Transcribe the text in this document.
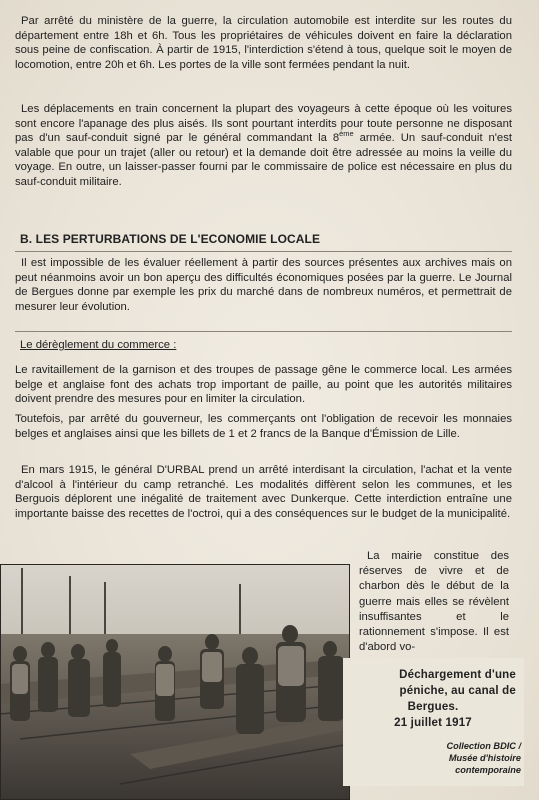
Par arrêté du ministère de la guerre, la circulation automobile est interdite sur les routes du département entre 18h et 6h. Tous les propriétaires de véhicules doivent en faire la déclaration sous peine de confiscation. À partir de 1915, l'interdiction s'étend à tous, quelque soit le moyen de locomotion, entre 20h et 6h. Les portes de la ville sont fermées pendant la nuit.

Les déplacements en train concernent la plupart des voyageurs à cette époque où les voitures sont encore l'apanage des plus aisés. Ils sont pourtant interdits pour toute personne ne disposant pas d'un sauf-conduit signé par le général commandant la 8ème armée. Un sauf-conduit n'est valable que pour un trajet (aller ou retour) et la demande doit être adressée au moins la veille du voyage. En outre, un laisser-passer fourni par le commissaire de police est nécessaire en plus du sauf-conduit militaire.

B. LES PERTURBATIONS DE L'ECONOMIE LOCALE

Il est impossible de les évaluer réellement à partir des sources présentes aux archives mais on peut néanmoins avoir un bon aperçu des difficultés économiques posées par la guerre. Le Journal de Bergues donne par exemple les prix du marché dans de nombreux numéros, et permettrait de mesurer leur évolution.

Le dérèglement du commerce :

Le ravitaillement de la garnison et des troupes de passage gêne le commerce local. Les armées belge et anglaise font des achats trop important de paille, au point que les autorités militaires doivent prendre des mesures pour en limiter la circulation.

Toutefois, par arrêté du gouverneur, les commerçants ont l'obligation de recevoir les monnaies belges et anglaises ainsi que les billets de 1 et 2 francs de la Banque d'Émission de Lille.

En mars 1915, le général D'URBAL prend un arrêté interdisant la circulation, l'achat et la vente d'alcool à l'intérieur du camp retranché. Les modalités diffèrent selon les communes, et les Berguois déplorent une inégalité de traitement avec Dunkerque. Cette interdiction entraîne une importante baisse des recettes de l'octroi, qui a des conséquences sur le budget de la municipalité.

La mairie constitue des réserves de vivre et de charbon dès le début de la guerre mais elles se révèlent insuffisantes et le rationnement s'impose. Il est d'abord vo-

Déchargement d'une

péniche, au canal de

Bergues.

21 juillet 1917

Collection BDIC /

Musée d'histoire

contemporaine
